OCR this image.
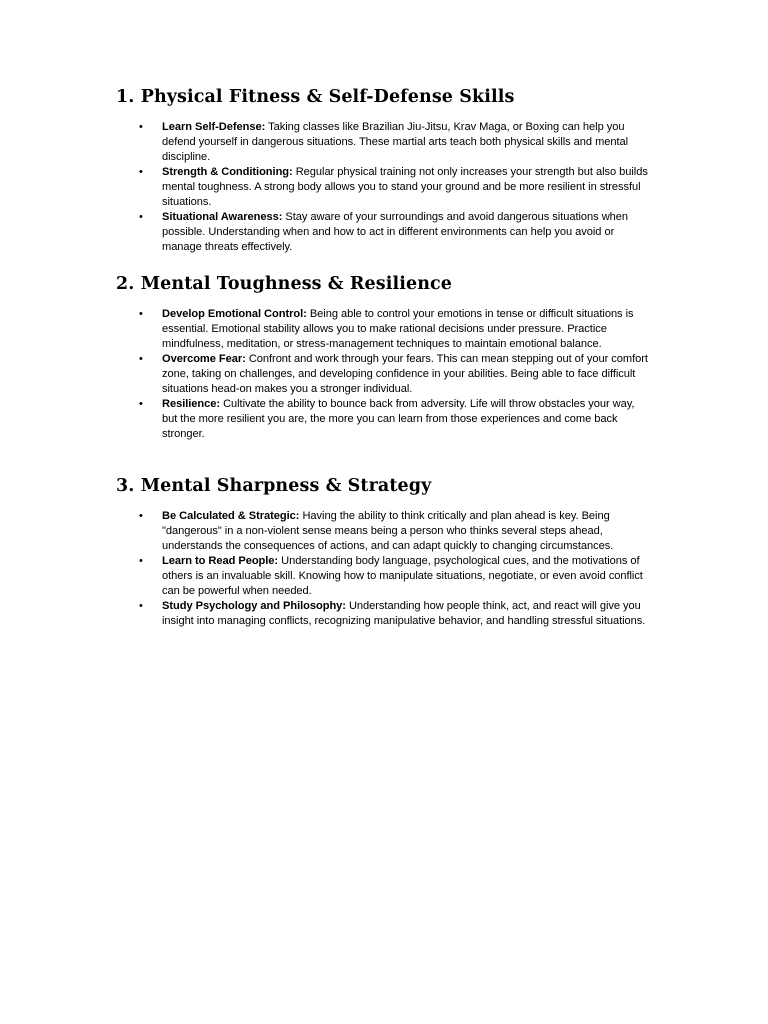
1. Physical Fitness & Self-Defense Skills
• Learn Self-Defense: Taking classes like Brazilian Jiu-Jitsu, Krav Maga, or Boxing can help you defend yourself in dangerous situations. These martial arts teach both physical skills and mental discipline.
• Strength & Conditioning: Regular physical training not only increases your strength but also builds mental toughness. A strong body allows you to stand your ground and be more resilient in stressful situations.
• Situational Awareness: Stay aware of your surroundings and avoid dangerous situations when possible. Understanding when and how to act in different environments can help you avoid or manage threats effectively.
2. Mental Toughness & Resilience
• Develop Emotional Control: Being able to control your emotions in tense or difficult situations is essential. Emotional stability allows you to make rational decisions under pressure. Practice mindfulness, meditation, or stress-management techniques to maintain emotional balance.
• Overcome Fear: Confront and work through your fears. This can mean stepping out of your comfort zone, taking on challenges, and developing confidence in your abilities. Being able to face difficult situations head-on makes you a stronger individual.
• Resilience: Cultivate the ability to bounce back from adversity. Life will throw obstacles your way, but the more resilient you are, the more you can learn from those experiences and come back stronger.
3. Mental Sharpness & Strategy
• Be Calculated & Strategic: Having the ability to think critically and plan ahead is key. Being "dangerous" in a non-violent sense means being a person who thinks several steps ahead, understands the consequences of actions, and can adapt quickly to changing circumstances.
• Learn to Read People: Understanding body language, psychological cues, and the motivations of others is an invaluable skill. Knowing how to manipulate situations, negotiate, or even avoid conflict can be powerful when needed.
• Study Psychology and Philosophy: Understanding how people think, act, and react will give you insight into managing conflicts, recognizing manipulative behavior, and handling stressful situations.
